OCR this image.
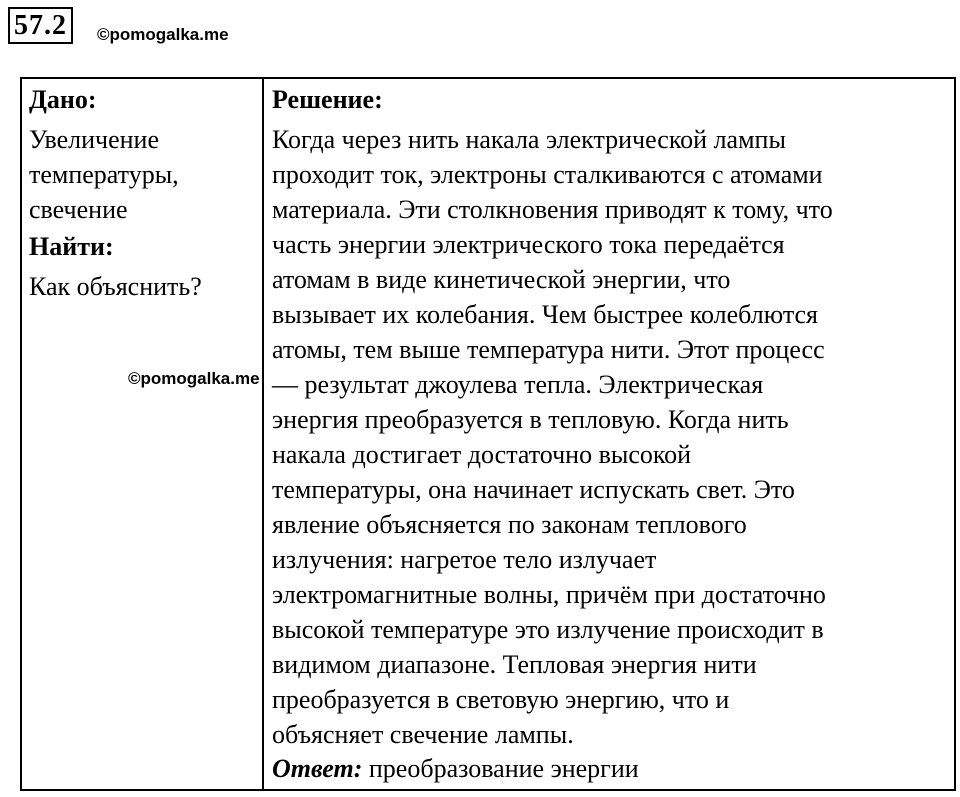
57.2	©pomogalka.me
Дано:
Увеличение
температуры,
свечение
Найти:
Как объяснить?
Решение:
Когда через нить накала электрической лампы
проходит ток, электроны сталкиваются с атомами
материала. Эти столкновения приводят к тому, что
часть энергии электрического тока передаётся
атомам в виде кинетической энергии, что
вызывает их колебания. Чем быстрее колеблются
атомы, тем выше температура нити. Этот процесс
— результат джоулева тепла. Электрическая
энергия преобразуется в тепловую. Когда нить
накала достигает достаточно высокой
температуры, она начинает испускать свет. Это
явление объясняется по законам теплового
излучения: нагретое тело излучает
электромагнитные волны, причём при достаточно
высокой температуре это излучение происходит в
видимом диапазоне. Тепловая энергия нити
преобразуется в световую энергию, что и
объясняет свечение лампы.
Ответ: преобразование энергии
©pomogalka.me
